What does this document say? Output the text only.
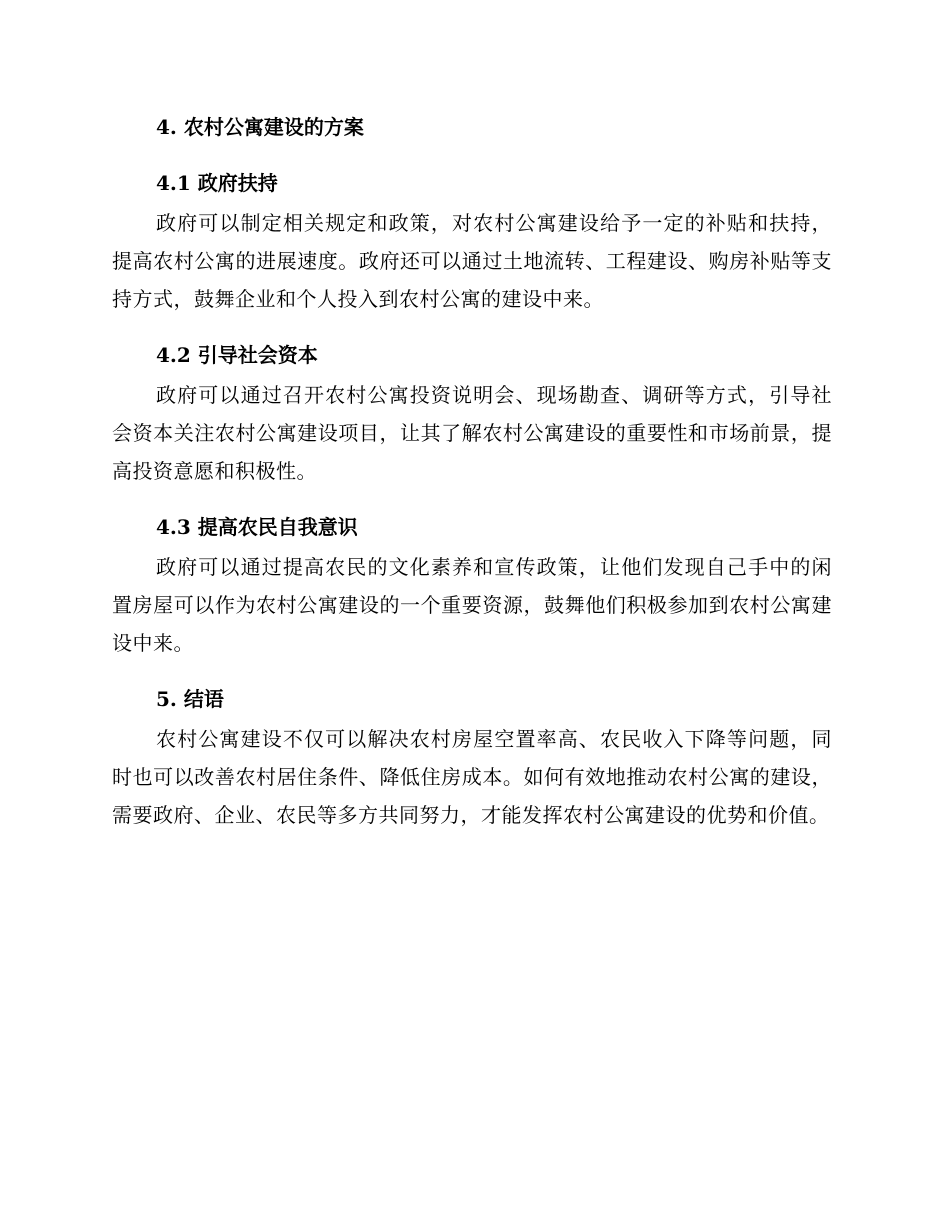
4. 农村公寓建设的方案
4.1 政府扶持

政府可以制定相关规定和政策，对农村公寓建设给予一定的补贴和扶持，提高农村公寓的进展速度。政府还可以通过土地流转、工程建设、购房补贴等支持方式，鼓舞企业和个人投入到农村公寓的建设中来。

4.2 引导社会资本

政府可以通过召开农村公寓投资说明会、现场勘查、调研等方式，引导社会资本关注农村公寓建设项目，让其了解农村公寓建设的重要性和市场前景，提高投资意愿和积极性。

4.3 提高农民自我意识

政府可以通过提高农民的文化素养和宣传政策，让他们发现自己手中的闲置房屋可以作为农村公寓建设的一个重要资源，鼓舞他们积极参加到农村公寓建设中来。

5. 结语

农村公寓建设不仅可以解决农村房屋空置率高、农民收入下降等问题，同时也可以改善农村居住条件、降低住房成本。如何有效地推动农村公寓的建设，需要政府、企业、农民等多方共同努力，才能发挥农村公寓建设的优势和价值。
